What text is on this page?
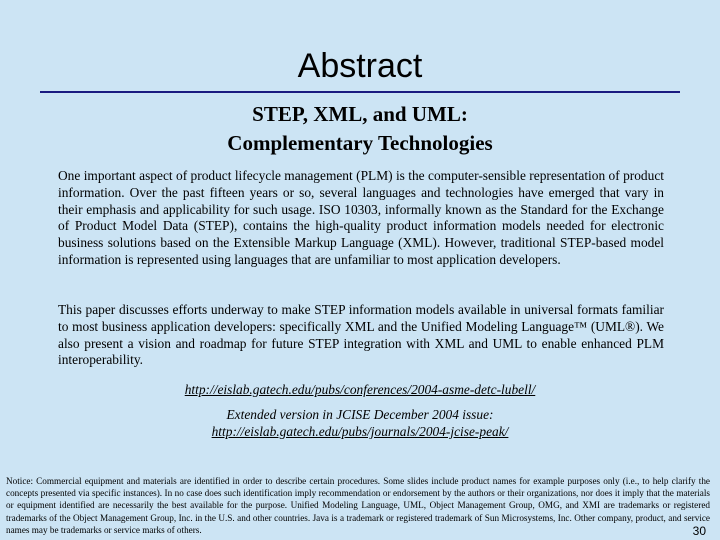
Abstract
STEP, XML, and UML:
Complementary Technologies
One important aspect of product lifecycle management (PLM) is the computer-sensible representation of product information. Over the past fifteen years or so, several languages and technologies have emerged that vary in their emphasis and applicability for such usage. ISO 10303, informally known as the Standard for the Exchange of Product Model Data (STEP), contains the high-quality product information models needed for electronic business solutions based on the Extensible Markup Language (XML). However, traditional STEP-based model information is represented using languages that are unfamiliar to most application developers.
This paper discusses efforts underway to make STEP information models available in universal formats familiar to most business application developers: specifically XML and the Unified Modeling Language™ (UML®). We also present a vision and roadmap for future STEP integration with XML and UML to enable enhanced PLM interoperability.
http://eislab.gatech.edu/pubs/conferences/2004-asme-detc-lubell/
Extended version in JCISE December 2004 issue:
http://eislab.gatech.edu/pubs/journals/2004-jcise-peak/
Notice: Commercial equipment and materials are identified in order to describe certain procedures. Some slides include product names for example purposes only (i.e., to help clarify the concepts presented via specific instances). In no case does such identification imply recommendation or endorsement by the authors or their organizations, nor does it imply that the materials or equipment identified are necessarily the best available for the purpose. Unified Modeling Language, UML, Object Management Group, OMG, and XMI are trademarks or registered trademarks of the Object Management Group, Inc. in the U.S. and other countries. Java is a trademark or registered trademark of Sun Microsystems, Inc. Other company, product, and service names may be trademarks or service marks of others.	30
